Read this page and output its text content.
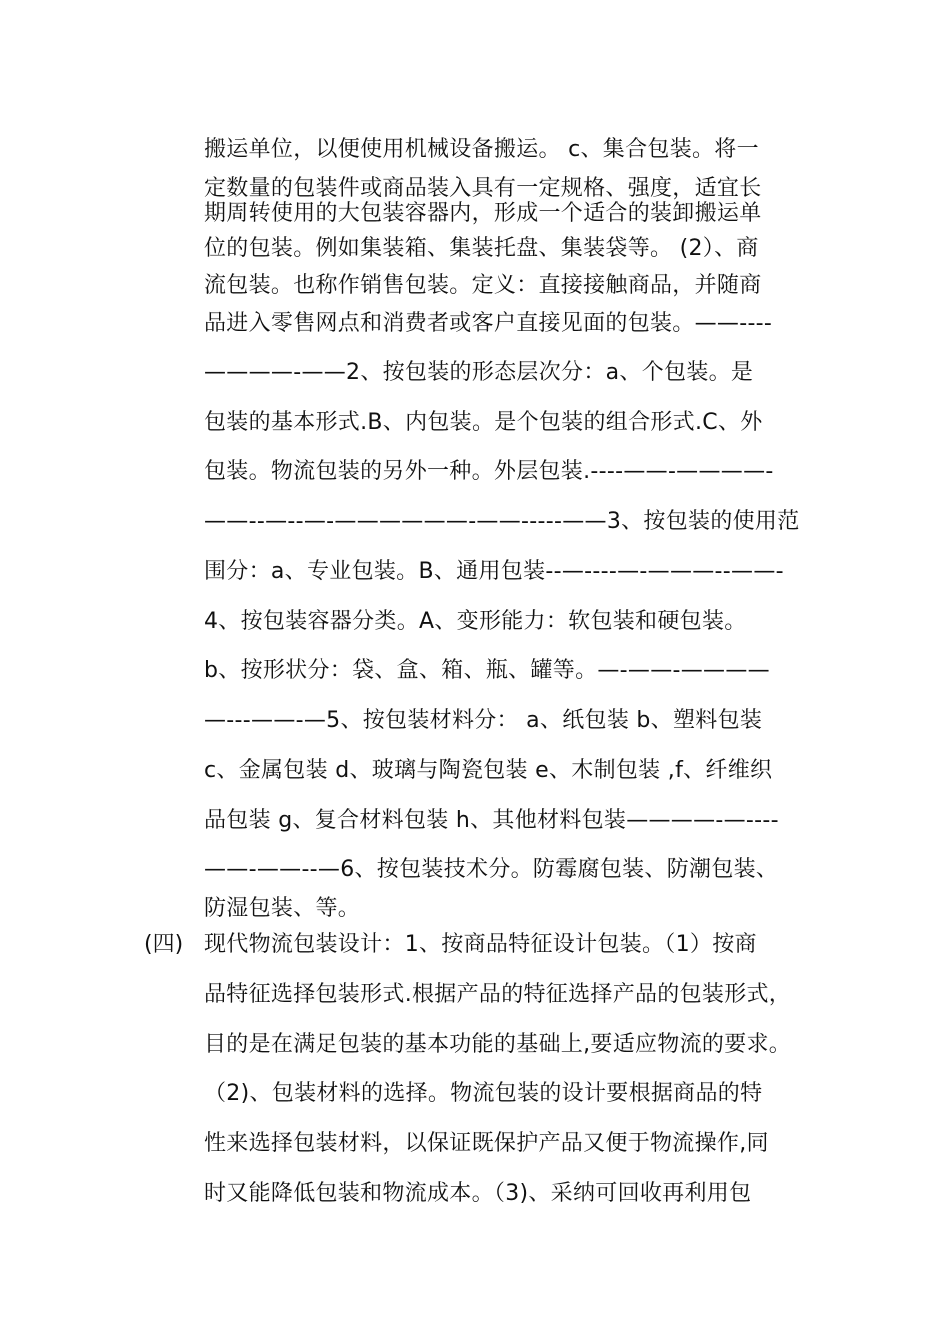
搬运单位，以便使用机械设备搬运。 c、集合包装。将一
定数量的包装件或商品装入具有一定规格、强度，适宜长
期周转使用的大包装容器内，形成一个适合的装卸搬运单
位的包装。例如集装箱、集装托盘、集装袋等。 (2）、商
流包装。也称作销售包装。定义：直接接触商品，并随商
品进入零售网点和消费者或客户直接见面的包装。——----
————-——2、按包装的形态层次分：a、个包装。是
包装的基本形式.B、内包装。是个包装的组合形式.C、外
包装。物流包装的另外一种。外层包装.----——-————-
——--—--—-——————-——-----——3、按包装的使用范
围分：a、专业包装。B、通用包装--—----—-———--——-
4、按包装容器分类。A、变形能力：软包装和硬包装。
b、按形状分：袋、盒、箱、瓶、罐等。—-——-————
—---——-—5、按包装材料分： a、纸包装 b、塑料包装
c、金属包装 d、玻璃与陶瓷包装 e、木制包装 ,f、纤维织
品包装 g、复合材料包装 h、其他材料包装————-—----
——-——--—6、按包装技术分。防霉腐包装、防潮包装、
防湿包装、等。
(四) 现代物流包装设计：1、按商品特征设计包装。（1）按商
品特征选择包装形式.根据产品的特征选择产品的包装形式，
目的是在满足包装的基本功能的基础上,要适应物流的要求。
（2)、包装材料的选择。物流包装的设计要根据商品的特
性来选择包装材料，以保证既保护产品又便于物流操作,同
时又能降低包装和物流成本。（3)、采纳可回收再利用包
